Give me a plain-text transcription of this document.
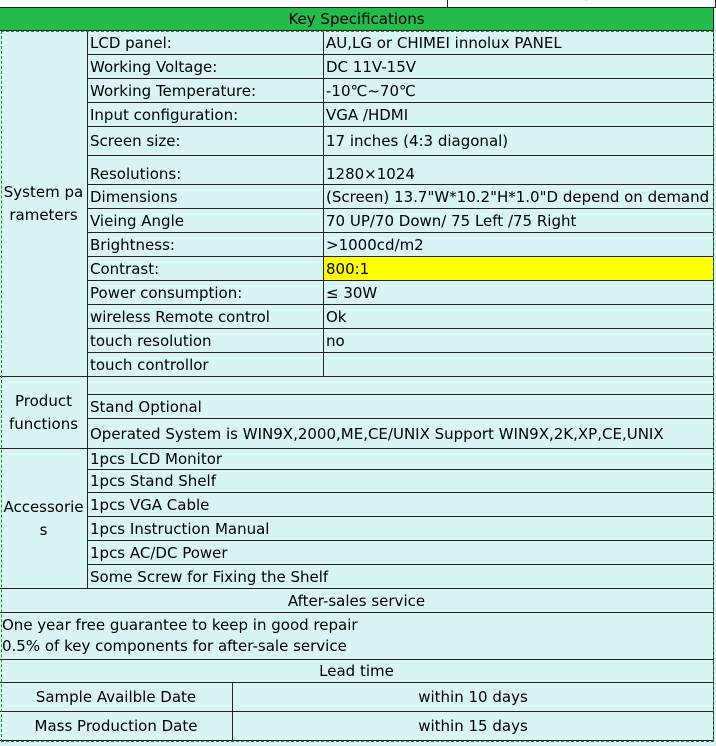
Key Specifications
System parameters
LCD panel:	AU,LG or CHIMEI innolux PANEL
Working Voltage:	DC 11V-15V
Working Temperature:	-10℃~70℃
Input configuration:	VGA /HDMI
Screen size:	17 inches (4:3 diagonal)
Resolutions:	1280×1024
Dimensions	(Screen) 13.7"W*10.2"H*1.0"D depend on demand
Vieing Angle	70 UP/70 Down/ 75 Left /75 Right
Brightness:	>1000cd/m2
Contrast:	800:1
Power consumption:	≤ 30W
wireless Remote control	Ok
touch resolution	no
touch controllor
Product functions
Stand Optional
Operated System is WIN9X,2000,ME,CE/UNIX Support WIN9X,2K,XP,CE,UNIX
Accessories
1pcs LCD Monitor
1pcs Stand Shelf
1pcs VGA Cable
1pcs Instruction Manual
1pcs AC/DC Power
Some Screw for Fixing the Shelf
After-sales service
One year free guarantee to keep in good repair
0.5% of key components for after-sale service
Lead time
Sample Availble Date	within 10 days
Mass Production Date	within 15 days
